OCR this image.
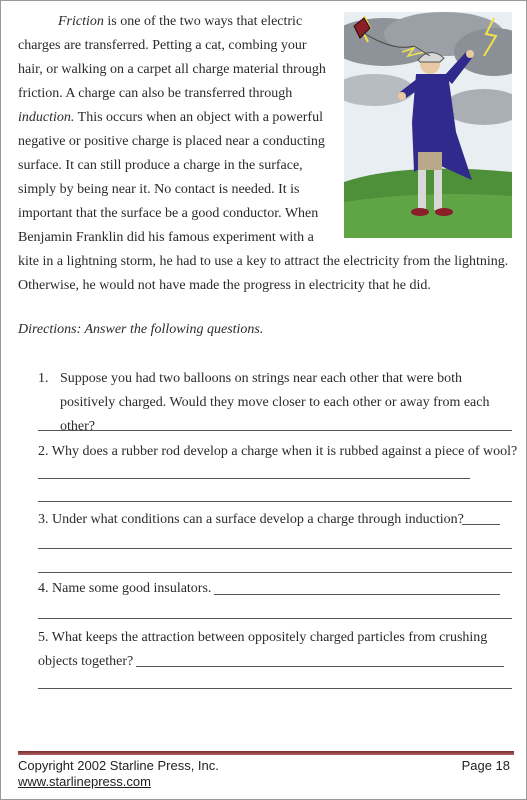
Friction is one of the two ways that electric charges are transferred. Petting a cat, combing your hair, or walking on a carpet all charge material through friction. A charge can also be transferred through induction. This occurs when an object with a powerful negative or positive charge is placed near a conducting surface. It can still produce a charge in the surface, simply by being near it. No contact is needed. It is important that the surface be a good conductor. When Benjamin Franklin did his famous experiment with a kite in a lightning storm, he had to use a key to attract the electricity from the lightning. Otherwise, he would not have made the progress in electricity that he did.

Directions: Answer the following questions.
1. Suppose you had two balloons on strings near each other that were both positively charged. Would they move closer to each other or away from each other?
2. Why does a rubber rod develop a charge when it is rubbed against a piece of wool?
3. Under what conditions can a surface develop a charge through induction?
4. Name some good insulators.
5. What keeps the attraction between oppositely charged particles from crushing objects together?
Copyright 2002 Starline Press, Inc.
www.starlinepress.com
Page 18
